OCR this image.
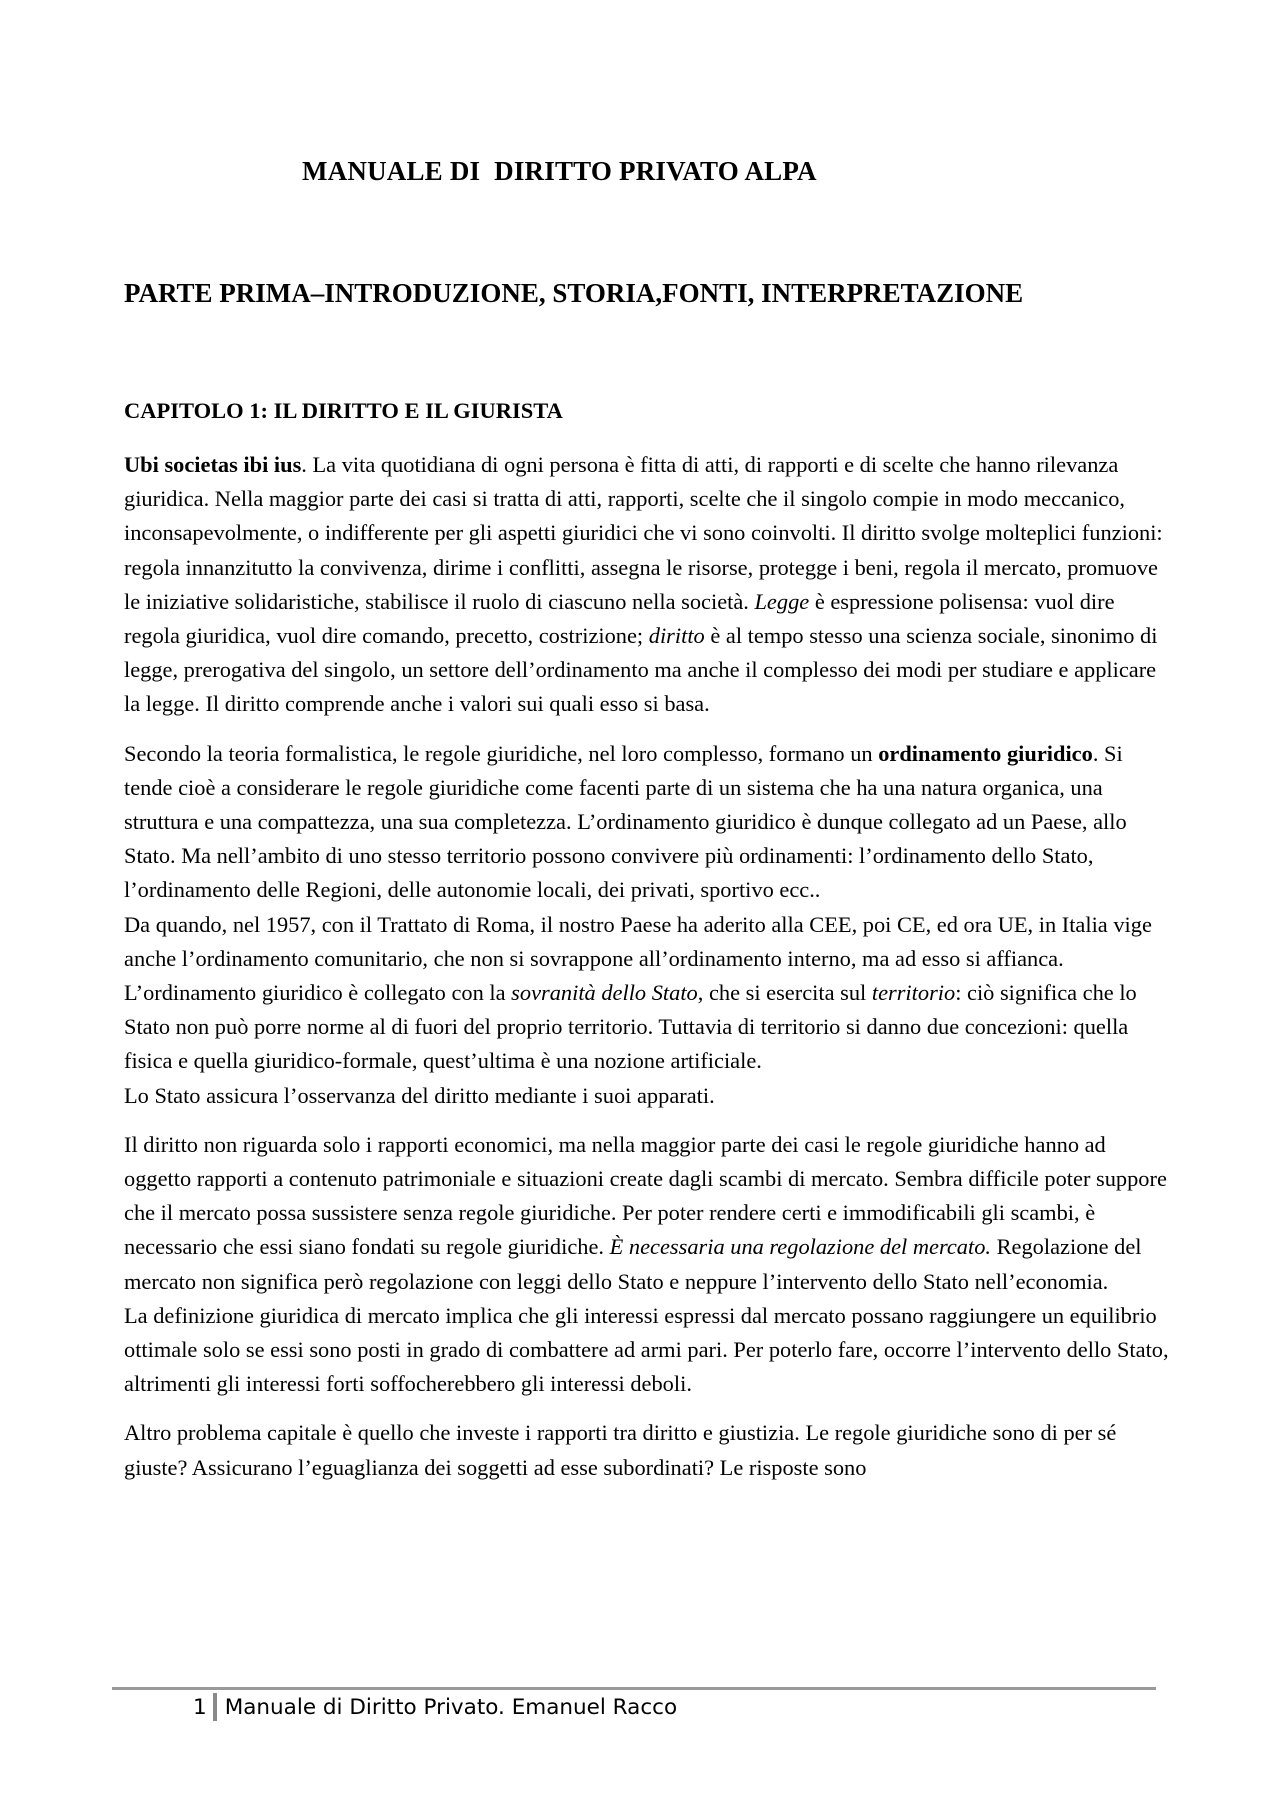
MANUALE DI  DIRITTO PRIVATO ALPA
PARTE PRIMA–INTRODUZIONE, STORIA,FONTI, INTERPRETAZIONE
CAPITOLO 1: IL DIRITTO E IL GIURISTA

Ubi societas ibi ius. La vita quotidiana di ogni persona è fitta di atti, di rapporti e di scelte che hanno rilevanza giuridica. Nella maggior parte dei casi si tratta di atti, rapporti, scelte che il singolo compie in modo meccanico, inconsapevolmente, o indifferente per gli aspetti giuridici che vi sono coinvolti. Il diritto svolge molteplici funzioni: regola innanzitutto la convivenza, dirime i conflitti, assegna le risorse, protegge i beni, regola il mercato, promuove le iniziative solidaristiche, stabilisce il ruolo di ciascuno nella società. Legge è espressione polisensa: vuol dire regola giuridica, vuol dire comando, precetto, costrizione; diritto è al tempo stesso una scienza sociale, sinonimo di legge, prerogativa del singolo, un settore dell’ordinamento ma anche il complesso dei modi per studiare e applicare la legge. Il diritto comprende anche i valori sui quali esso si basa.

Secondo la teoria formalistica, le regole giuridiche, nel loro complesso, formano un ordinamento giuridico. Si tende cioè a considerare le regole giuridiche come facenti parte di un sistema che ha una natura organica, una struttura e una compattezza, una sua completezza. L’ordinamento giuridico è dunque collegato ad un Paese, allo Stato. Ma nell’ambito di uno stesso territorio possono convivere più ordinamenti: l’ordinamento dello Stato, l’ordinamento delle Regioni, delle autonomie locali, dei privati, sportivo ecc..

Da quando, nel 1957, con il Trattato di Roma, il nostro Paese ha aderito alla CEE, poi CE, ed ora UE, in Italia vige anche l’ordinamento comunitario, che non si sovrappone all’ordinamento interno, ma ad esso si affianca. L’ordinamento giuridico è collegato con la sovranità dello Stato, che si esercita sul territorio: ciò significa che lo Stato non può porre norme al di fuori del proprio territorio. Tuttavia di territorio si danno due concezioni: quella fisica e quella giuridico-formale, quest’ultima è una nozione artificiale.

Lo Stato assicura l’osservanza del diritto mediante i suoi apparati.

Il diritto non riguarda solo i rapporti economici, ma nella maggior parte dei casi le regole giuridiche hanno ad oggetto rapporti a contenuto patrimoniale e situazioni create dagli scambi di mercato. Sembra difficile poter suppore che il mercato possa sussistere senza regole giuridiche. Per poter rendere certi e immodificabili gli scambi, è necessario che essi siano fondati su regole giuridiche. È necessaria una regolazione del mercato. Regolazione del mercato non significa però regolazione con leggi dello Stato e neppure l’intervento dello Stato nell’economia.

La definizione giuridica di mercato implica che gli interessi espressi dal mercato possano raggiungere un equilibrio ottimale solo se essi sono posti in grado di combattere ad armi pari. Per poterlo fare, occorre l’intervento dello Stato, altrimenti gli interessi forti soffocherebbero gli interessi deboli.

Altro problema capitale è quello che investe i rapporti tra diritto e giustizia. Le regole giuridiche sono di per sé giuste? Assicurano l’eguaglianza dei soggetti ad esse subordinati? Le risposte sono

1 Manuale di Diritto Privato. Emanuel Racco
